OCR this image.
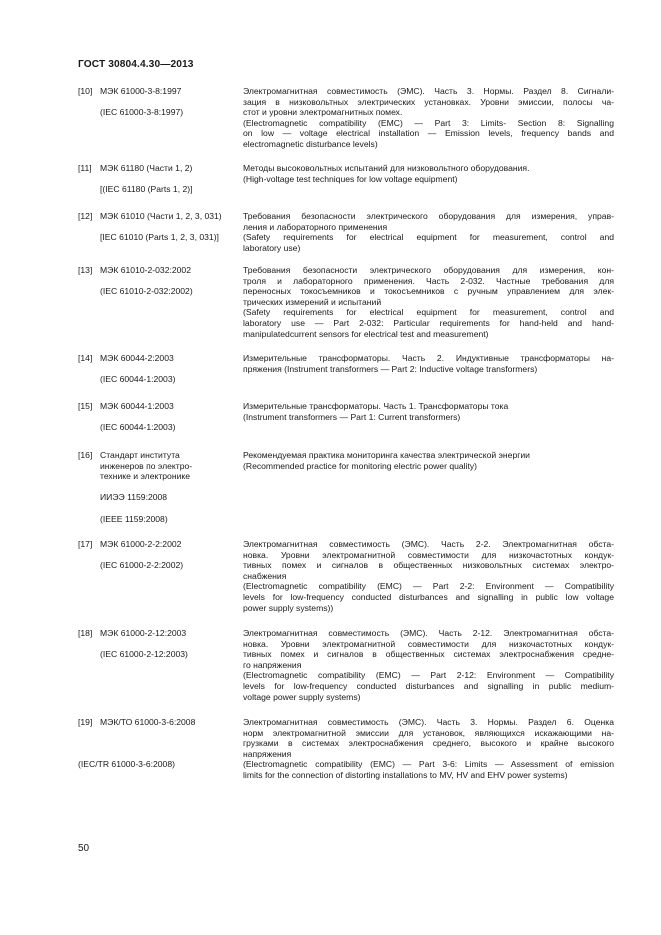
ГОСТ 30804.4.30—2013
[10] МЭК 61000-3-8:1997
(IEC 61000-3-8:1997)
Электромагнитная совместимость (ЭМС). Часть 3. Нормы. Раздел 8. Сигнали-
зация в низковольтных электрических установках. Уровни эмиссии, полосы ча-
стот и уровни электромагнитных помех.
(Electromagnetic compatibility (EMC) — Part 3: Limits- Section 8: Signalling
on low — voltage electrical installation — Emission levels, frequency bands and
electromagnetic disturbance levels)
[11] МЭК 61180 (Части 1, 2)
[(IEC 61180 (Parts 1, 2)]
Методы высоковольтных испытаний для низковольтного оборудования.
(High-voltage test techniques for low voltage equipment)
[12] МЭК 61010 (Части 1, 2, 3, 031)
[IEC 61010 (Parts 1, 2, 3, 031)]
Требования безопасности электрического оборудования для измерения, управ-
ления и лабораторного применения
(Safety requirements for electrical equipment for measurement, control and
laboratory use)
[13] МЭК 61010-2-032:2002
(IEC 61010-2-032:2002)
Требования безопасности электрического оборудования для измерения, кон-
троля и лабораторного применения. Часть 2-032. Частные требования для
переносных токосъемников и токосъемников с ручным управлением для элек-
трических измерений и испытаний
(Safety requirements for electrical equipment for measurement, control and
laboratory use — Part 2-032: Particular requirements for hand-held and hand-
manipulatedcurrent sensors for electrical test and measurement)
[14] МЭК 60044-2:2003
(IEC 60044-1:2003)
Измерительные трансформаторы. Часть 2. Индуктивные трансформаторы на-
пряжения (Instrument transformers — Part 2: Inductive voltage transformers)
[15] МЭК 60044-1:2003
(IEC 60044-1:2003)
Измерительные трансформаторы. Часть 1. Трансформаторы тока
(Instrument transformers — Part 1: Current transformers)
[16] Стандарт института
инженеров по электро-
технике и электронике
ИИЭЭ 1159:2008
(IEEE 1159:2008)
Рекомендуемая практика мониторинга качества электрической энергии
(Recommended practice for monitoring electric power quality)
[17] МЭК 61000-2-2:2002
(IEC 61000-2-2:2002)
Электромагнитная совместимость (ЭМС). Часть 2-2. Электромагнитная обста-
новка. Уровни электромагнитной совместимости для низкочастотных кондук-
тивных помех и сигналов в общественных низковольтных системах электро-
снабжения
(Electromagnetic compatibility (EMC) — Part 2-2: Environment — Compatibility
levels for low-frequency conducted disturbances and signalling in public low voltage
power supply systems))
[18] МЭК 61000-2-12:2003
(IEC 61000-2-12:2003)
Электромагнитная совместимость (ЭМС). Часть 2-12. Электромагнитная обста-
новка. Уровни электромагнитной совместимости для низкочастотных кондук-
тивных помех и сигналов в общественных системах электроснабжения средне-
го напряжения
(Electromagnetic compatibility (EMC) — Part 2-12: Environment — Compatibility
levels for low-frequency conducted disturbances and signalling in public medium-
voltage power supply systems)
[19] МЭК/ТО 61000-3-6:2008
(IEC/TR 61000-3-6:2008)
Электромагнитная совместимость (ЭМС). Часть 3. Нормы. Раздел 6. Оценка
норм электромагнитной эмиссии для установок, являющихся искажающими на-
грузками в системах электроснабжения среднего, высокого и крайне высокого
напряжения
(Electromagnetic compatibility (EMC) — Part 3-6: Limits — Assessment of emission
limits for the connection of distorting installations to MV, HV and EHV power systems)
50
